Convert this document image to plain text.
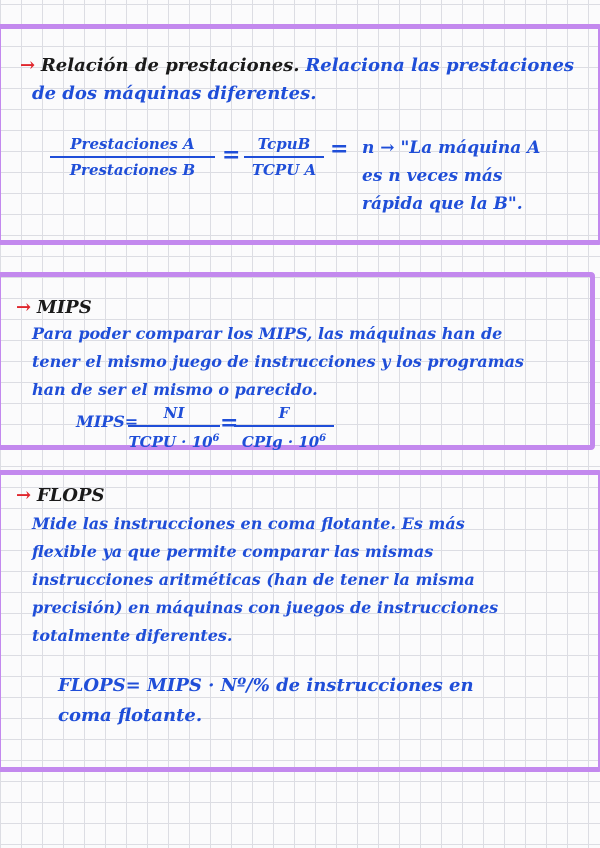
→ Relación de prestaciones. Relaciona las prestaciones
de dos máquinas diferentes.
Prestaciones A
Prestaciones B
=	TcpuB
TCPU A
= n → "La máquina A
es n veces más
rápida que la B".
→ MIPS
Para poder comparar los MIPS, las máquinas han de
tener el mismo juego de instrucciones y los programas
han de ser el mismo o parecido.
MIPS=	NI
TCPU · $10^6$
=	F
CPIg · $10^6$
→ FLOPS
Mide las instrucciones en coma flotante. Es más
flexible ya que permite comparar las mismas
instrucciones aritméticas (han de tener la misma
precisión) en máquinas con juegos de instrucciones
totalmente diferentes.
FLOPS= MIPS · Nº/% de instrucciones en
coma flotante.
